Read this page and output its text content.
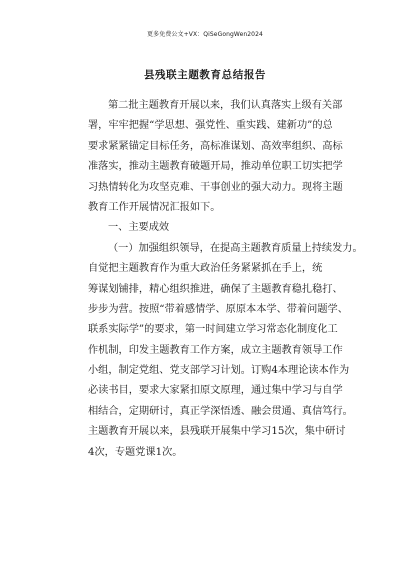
更多免费公文+VX：QiSeGongWen2024
县残联主题教育总结报告
第二批主题教育开展以来，我们认真落实上级有关部
署，牢牢把握“学思想、强党性、重实践、建新功”的总
要求紧紧锚定目标任务，高标准谋划、高效率组织、高标
准落实，推动主题教育破题开局，推动单位职工切实把学
习热情转化为攻坚克难、干事创业的强大动力。现将主题
教育工作开展情况汇报如下。
一、主要成效
（一）加强组织领导，在提高主题教育质量上持续发力。
自觉把主题教育作为重大政治任务紧紧抓在手上，统
筹谋划铺排，精心组织推进，确保了主题教育稳扎稳打、
步步为营。按照“带着感情学、原原本本学、带着问题学、
联系实际学”的要求，第一时间建立学习常态化制度化工
作机制，印发主题教育工作方案，成立主题教育领导工作
小组，制定党组、党支部学习计划。订购4本理论读本作为
必读书目，要求大家紧扣原文原理，通过集中学习与自学
相结合，定期研讨，真正学深悟透、融会贯通、真信笃行。
主题教育开展以来，县残联开展集中学习15次，集中研讨
4次，专题党课1次。
